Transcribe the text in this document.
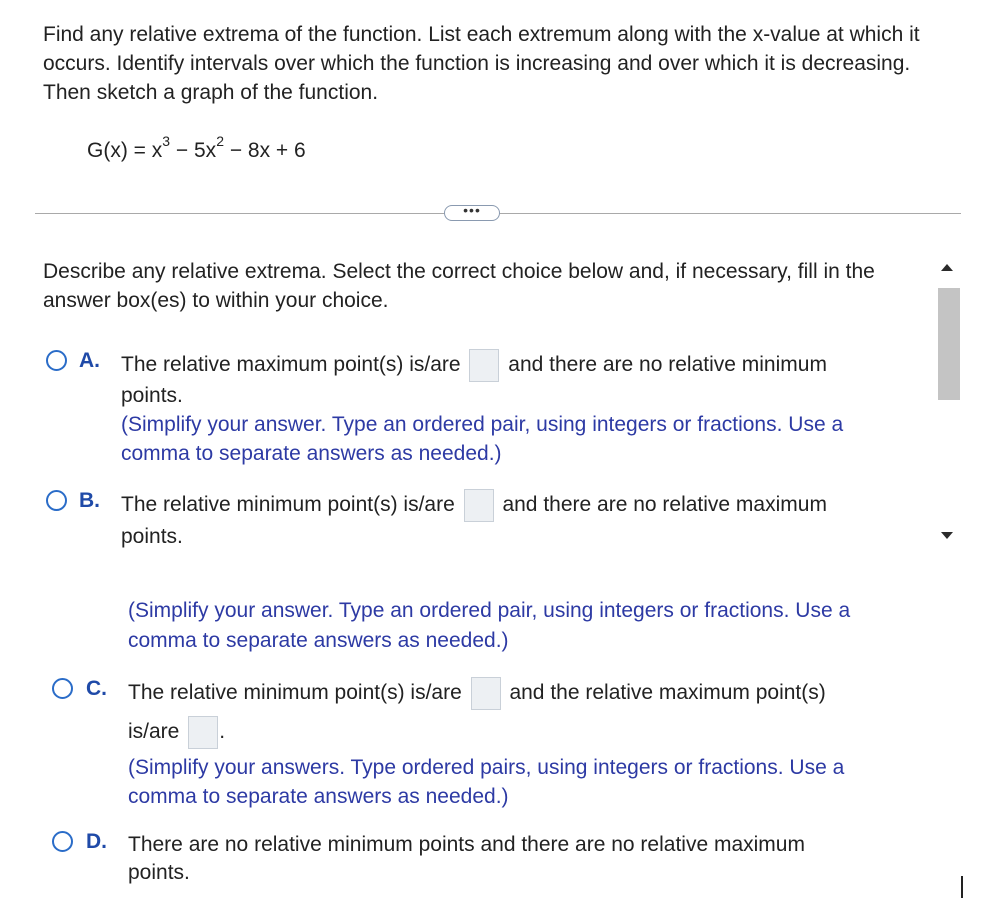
Find any relative extrema of the function. List each extremum along with the x-value at which it occurs. Identify intervals over which the function is increasing and over which it is decreasing. Then sketch a graph of the function.
$G(x) = x^3 - 5x^2 - 8x + 6$
•••
Describe any relative extrema. Select the correct choice below and, if necessary, fill in the answer box(es) to within your choice.
A. The relative maximum point(s) is/are and there are no relative minimum
points.
(Simplify your answer. Type an ordered pair, using integers or fractions. Use a
comma to separate answers as needed.)
B. The relative minimum point(s) is/are and there are no relative maximum
points.
(Simplify your answer. Type an ordered pair, using integers or fractions. Use a
comma to separate answers as needed.)
C. The relative minimum point(s) is/are and the relative maximum point(s)
is/are .
(Simplify your answers. Type ordered pairs, using integers or fractions. Use a
comma to separate answers as needed.)
D. There are no relative minimum points and there are no relative maximum
points.
